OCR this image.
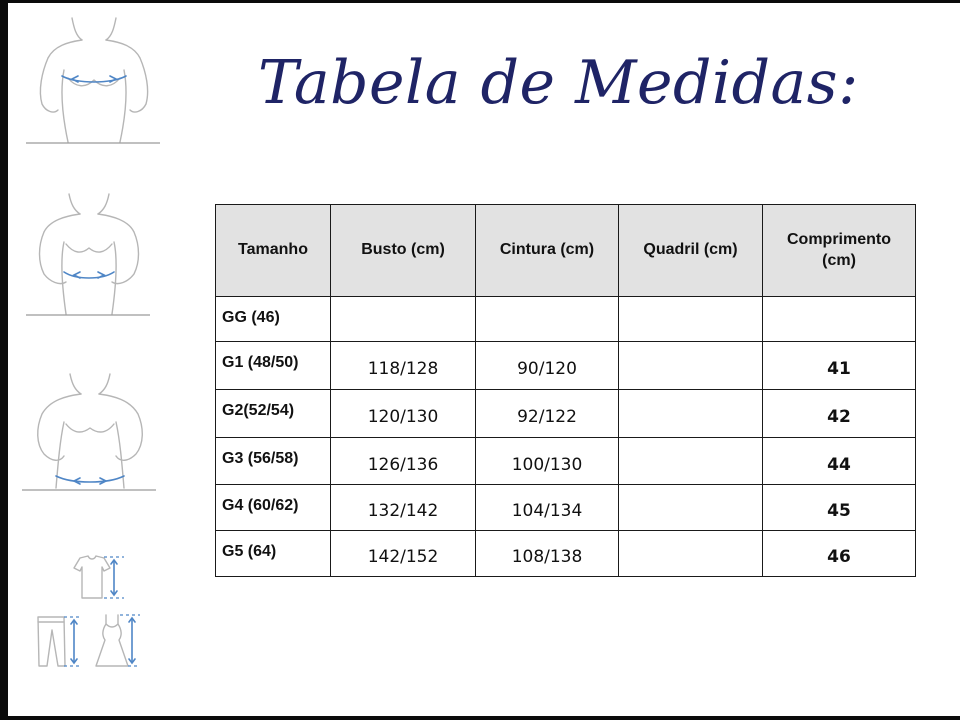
Tabela de Medidas:
Tamanho	Busto (cm)	Cintura (cm)	Quadril (cm)	Comprimento (cm)
GG (46)				
G1 (48/50)	118/128	90/120		41
G2(52/54)	120/130	92/122		42
G3 (56/58)	126/136	100/130		44
G4 (60/62)	132/142	104/134		45
G5 (64)	142/152	108/138		46
